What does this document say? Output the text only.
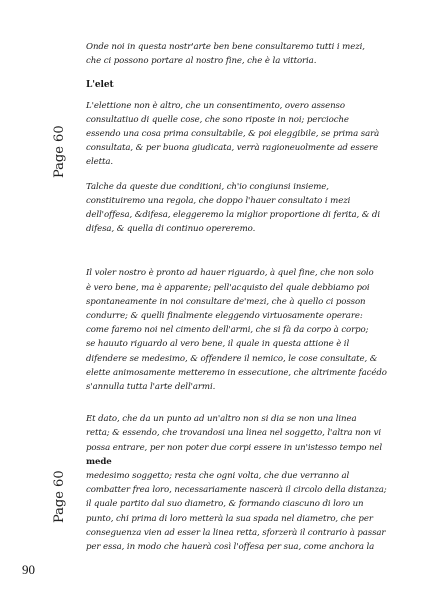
Page 60
Page 60

Onde noi in questa nostr'arte ben bene consultaremo tutti i mezi,
che ci possono portare al nostro fine, che è la vittoria.

L'elet

L'elettione non è altro, che un consentimento, overo assenso
consultatiuo di quelle cose, che sono riposte in noi; percioche
essendo una cosa prima consultabile, & poi eleggibile, se prima sarà
consultata, & per buona giudicata, verrà ragioneuolmente ad essere
eletta.

Talche da queste due conditioni, ch'io congiunsi insieme,
constituiremo una regola, che doppo l'hauer consultato i mezi
dell'offesa, &difesa, eleggeremo la miglior proportione di ferita, & di
difesa, & quella di continuo opereremo.

Il voler nostro è pronto ad hauer riguardo, à quel fine, che non solo
è vero bene, ma è apparente; pell'acquisto del quale debbiamo poi
spontaneamente in noi consultare de'mezi, che à quello ci posson
condurre; & quelli finalmente eleggendo virtuosamente operare:
come faremo noi nel cimento dell'armi, che si fà da corpo à corpo;
se hauuto riguardo al vero bene, il quale in questa attione è il
difendere se medesimo, & offendere il nemico, le cose consultate, &
elette animosamente metteremo in essecutione, che altrimente facédo
s'annulla tutta l'arte dell'armi.

Et dato, che da un punto ad un'altro non si dia se non una linea
retta; & essendo, che trovandosi una linea nel soggetto, l'altra non vi
possa entrare, per non poter due corpi essere in un'istesso tempo nel

mede

medesimo soggetto; resta che ogni volta, che due verranno al
combatter frea loro, necessariamente nascerà il circolo della distanza;
il quale partito dal suo diametro, & formando ciascuno di loro un
punto, chi prima di loro metterà la sua spada nel diametro, che per
conseguenza vien ad esser la linea retta, sforzerà il contrario à passar
per essa, in modo che hauerà così l'offesa per sua, come anchora la

90
